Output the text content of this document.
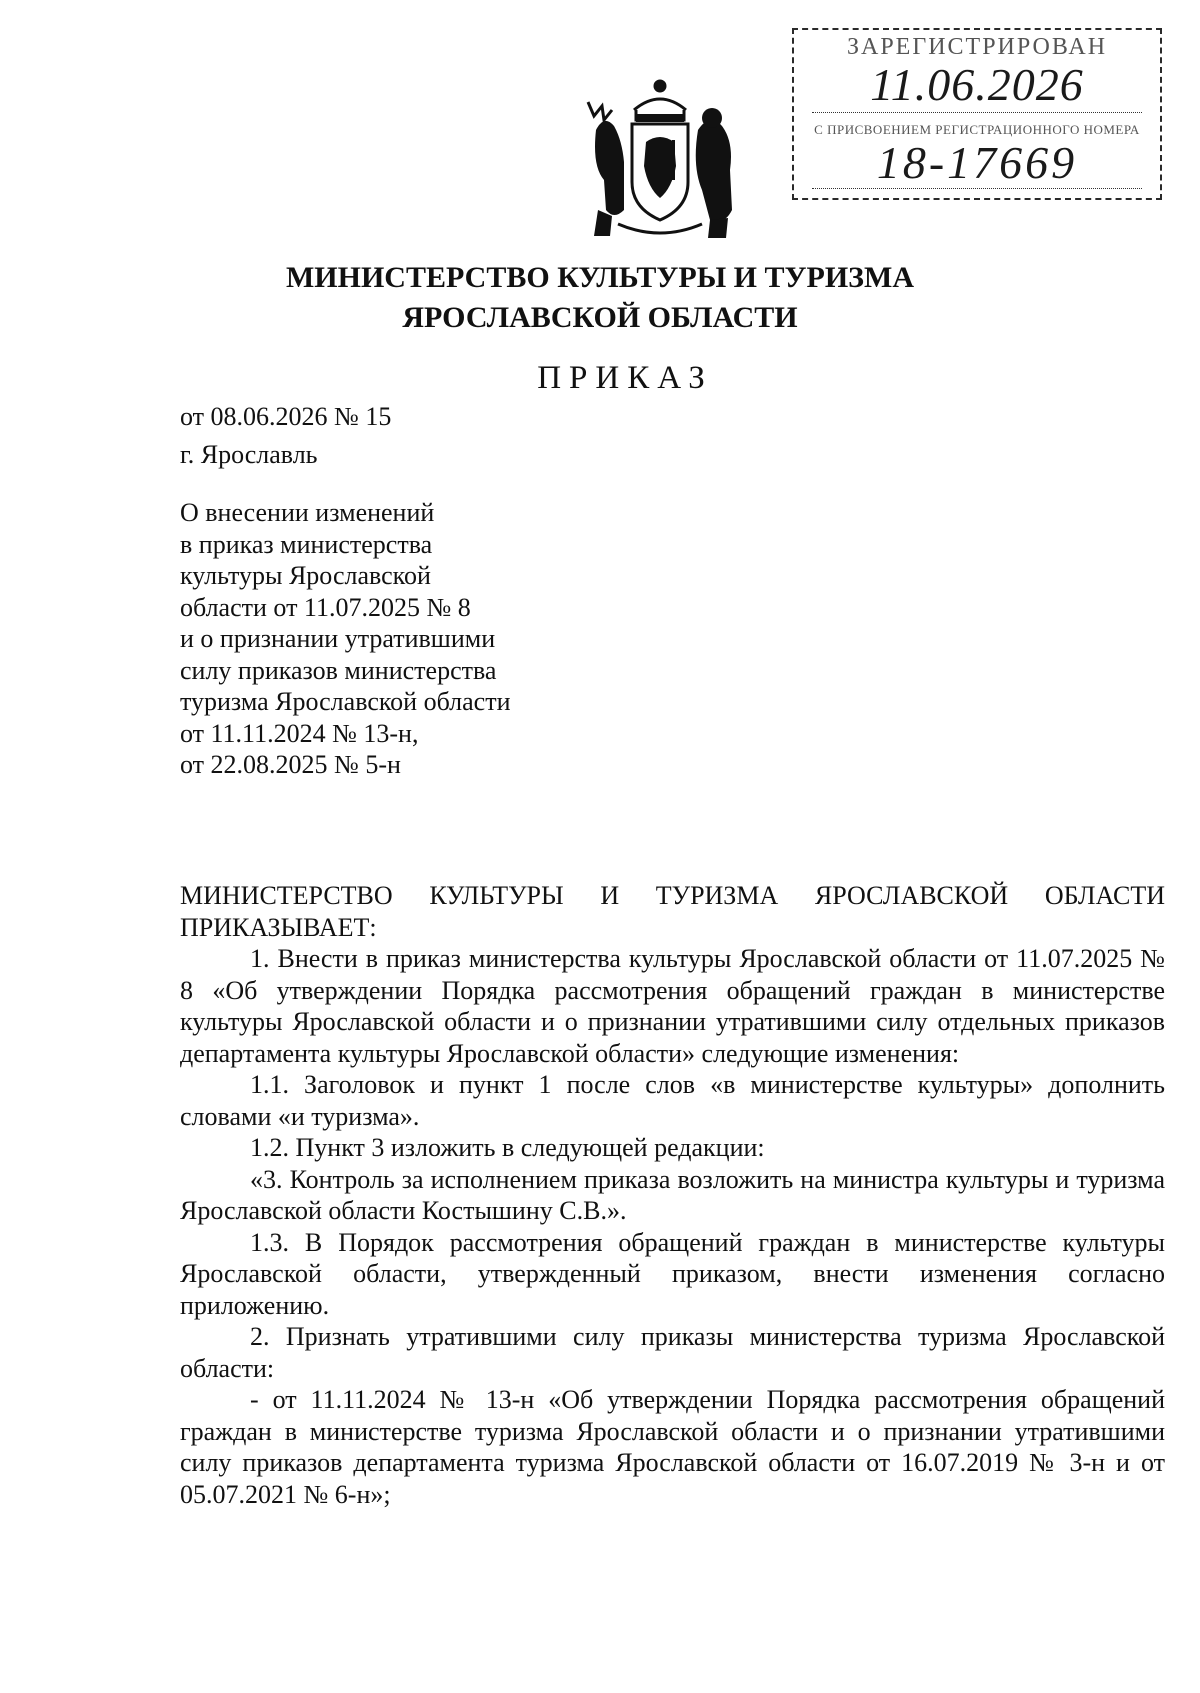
ЗАРЕГИСТРИРОВАН
11.06.2026
С ПРИСВОЕНИЕМ РЕГИСТРАЦИОННОГО НОМЕРА
18-17669
МИНИСТЕРСТВО КУЛЬТУРЫ И ТУРИЗМА
ЯРОСЛАВСКОЙ ОБЛАСТИ
ПРИКАЗ
от 08.06.2026 № 15
г. Ярославль
О внесении изменений
в приказ министерства
культуры Ярославской
области от 11.07.2025 № 8
и о признании утратившими
силу приказов министерства
туризма Ярославской области
от 11.11.2024 № 13-н,
от 22.08.2025 № 5-н

МИНИСТЕРСТВО КУЛЬТУРЫ И ТУРИЗМА ЯРОСЛАВСКОЙ ОБЛАСТИ ПРИКАЗЫВАЕТ:

1. Внести в приказ министерства культуры Ярославской области от 11.07.2025 № 8 «Об утверждении Порядка рассмотрения обращений граждан в министерстве культуры Ярославской области и о признании утратившими силу отдельных приказов департамента культуры Ярославской области» следующие изменения:

1.1. Заголовок и пункт 1 после слов «в министерстве культуры» дополнить словами «и туризма».

1.2. Пункт 3 изложить в следующей редакции:

«3. Контроль за исполнением приказа возложить на министра культуры и туризма Ярославской области Костышину С.В.».

1.3. В Порядок рассмотрения обращений граждан в министерстве культуры Ярославской области, утвержденный приказом, внести изменения согласно приложению.

2. Признать утратившими силу приказы министерства туризма Ярославской области:

- от 11.11.2024 № 13-н «Об утверждении Порядка рассмотрения обращений граждан в министерстве туризма Ярославской области и о признании утратившими силу приказов департамента туризма Ярославской области от 16.07.2019 № 3-н и от 05.07.2021 № 6-н»;
